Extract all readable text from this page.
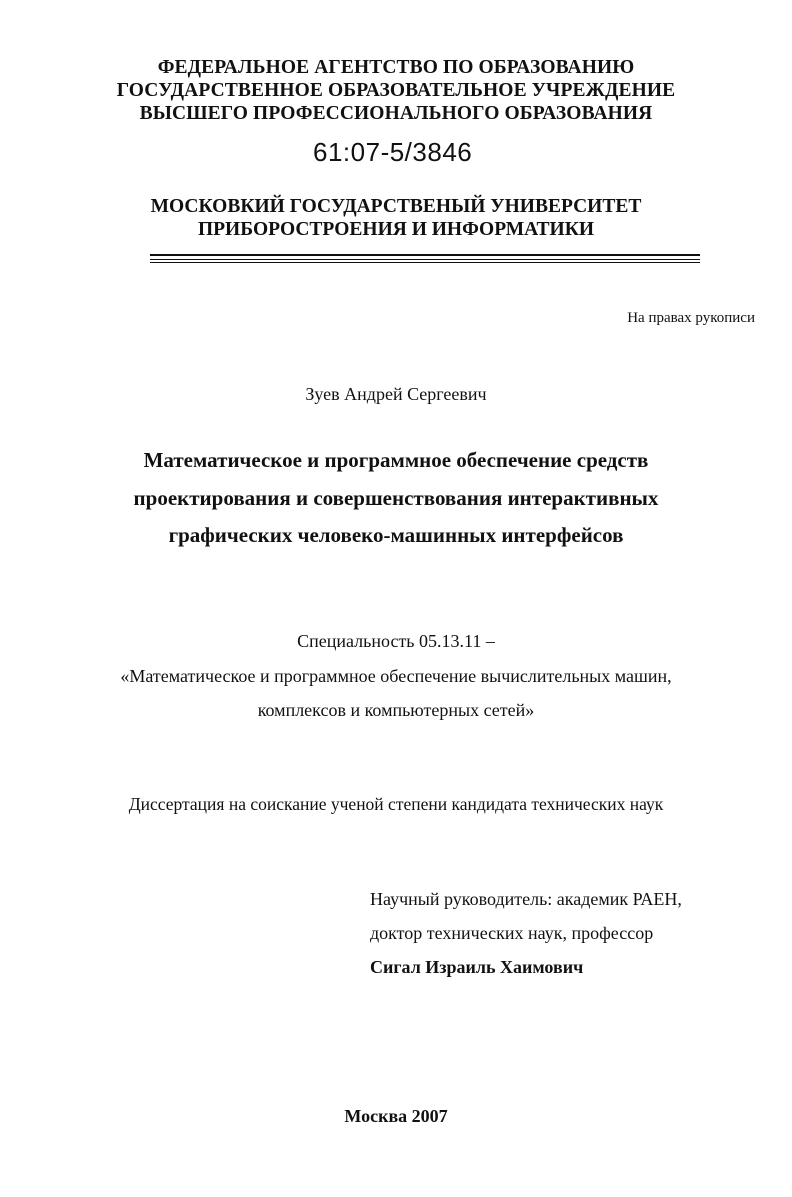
ФЕДЕРАЛЬНОЕ АГЕНТСТВО ПО ОБРАЗОВАНИЮ
ГОСУДАРСТВЕННОЕ ОБРАЗОВАТЕЛЬНОЕ УЧРЕЖДЕНИЕ
ВЫСШЕГО ПРОФЕССИОНАЛЬНОГО ОБРАЗОВАНИЯ
61:07-5/3846
МОСКОВКИЙ ГОСУДАРСТВЕНЫЙ УНИВЕРСИТЕТ
ПРИБОРОСТРОЕНИЯ И ИНФОРМАТИКИ
На правах рукописи
Зуев Андрей Сергеевич
Математическое и программное обеспечение средств
проектирования и совершенствования интерактивных
графических человеко-машинных интерфейсов
Специальность 05.13.11 –
«Математическое и программное обеспечение вычислительных машин,
комплексов и компьютерных сетей»
Диссертация на соискание ученой степени кандидата технических наук
Научный руководитель: академик РАЕН,
доктор технических наук, профессор
Сигал Израиль Хаимович
Москва 2007
